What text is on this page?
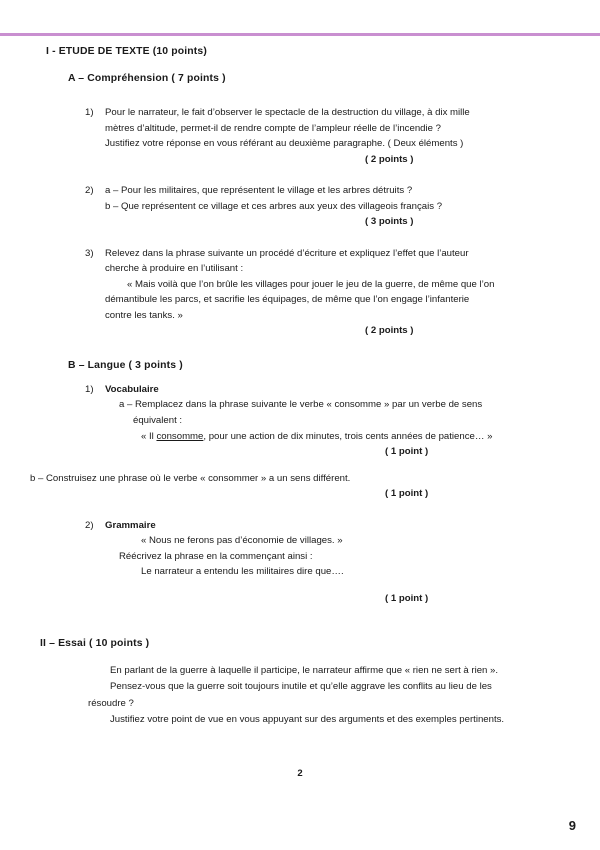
I - ETUDE DE TEXTE (10 points)
A – Compréhension ( 7 points )
1)	Pour le narrateur, le fait d’observer le spectacle de la destruction du village, à dix mille

mètres d’altitude, permet-il de rendre compte de l’ampleur réelle de l’incendie ?

Justifiez votre réponse en vous référant au deuxième paragraphe. ( Deux éléments )

( 2 points )

2)	a – Pour les militaires, que représentent le village et les arbres détruits ?

b – Que représentent ce village et ces arbres aux yeux des villageois français ?

( 3 points )

3)	Relevez dans la phrase suivante un procédé d’écriture et expliquez l’effet que l’auteur

cherche à produire en l’utilisant :

« Mais voilà que l’on brûle les villages pour jouer le jeu de la guerre, de même que l’on

démantibule les parcs, et sacrifie les équipages, de même que l’on engage l’infanterie

contre les tanks. »

( 2 points )

B – Langue ( 3 points )
1)	Vocabulaire

a – Remplacez dans la phrase suivante le verbe « consomme » par un verbe de sens

équivalent :

« Il consomme, pour une action de dix minutes, trois cents années de patience… »

( 1 point )

b – Construisez une phrase où le verbe « consommer » a un sens différent.

( 1 point )

2)	Grammaire

« Nous ne ferons pas d’économie de villages. »

Réécrivez la phrase en la commençant ainsi :

Le narrateur a entendu les militaires dire que….

( 1 point )

II – Essai ( 10 points )

En parlant de la guerre à laquelle il participe, le narrateur affirme que « rien ne sert à rien ».

Pensez-vous que la guerre soit toujours inutile et qu’elle aggrave les conflits au lieu de les

résoudre ?

Justifiez votre point de vue en vous appuyant sur des arguments et des exemples pertinents.

2
9
